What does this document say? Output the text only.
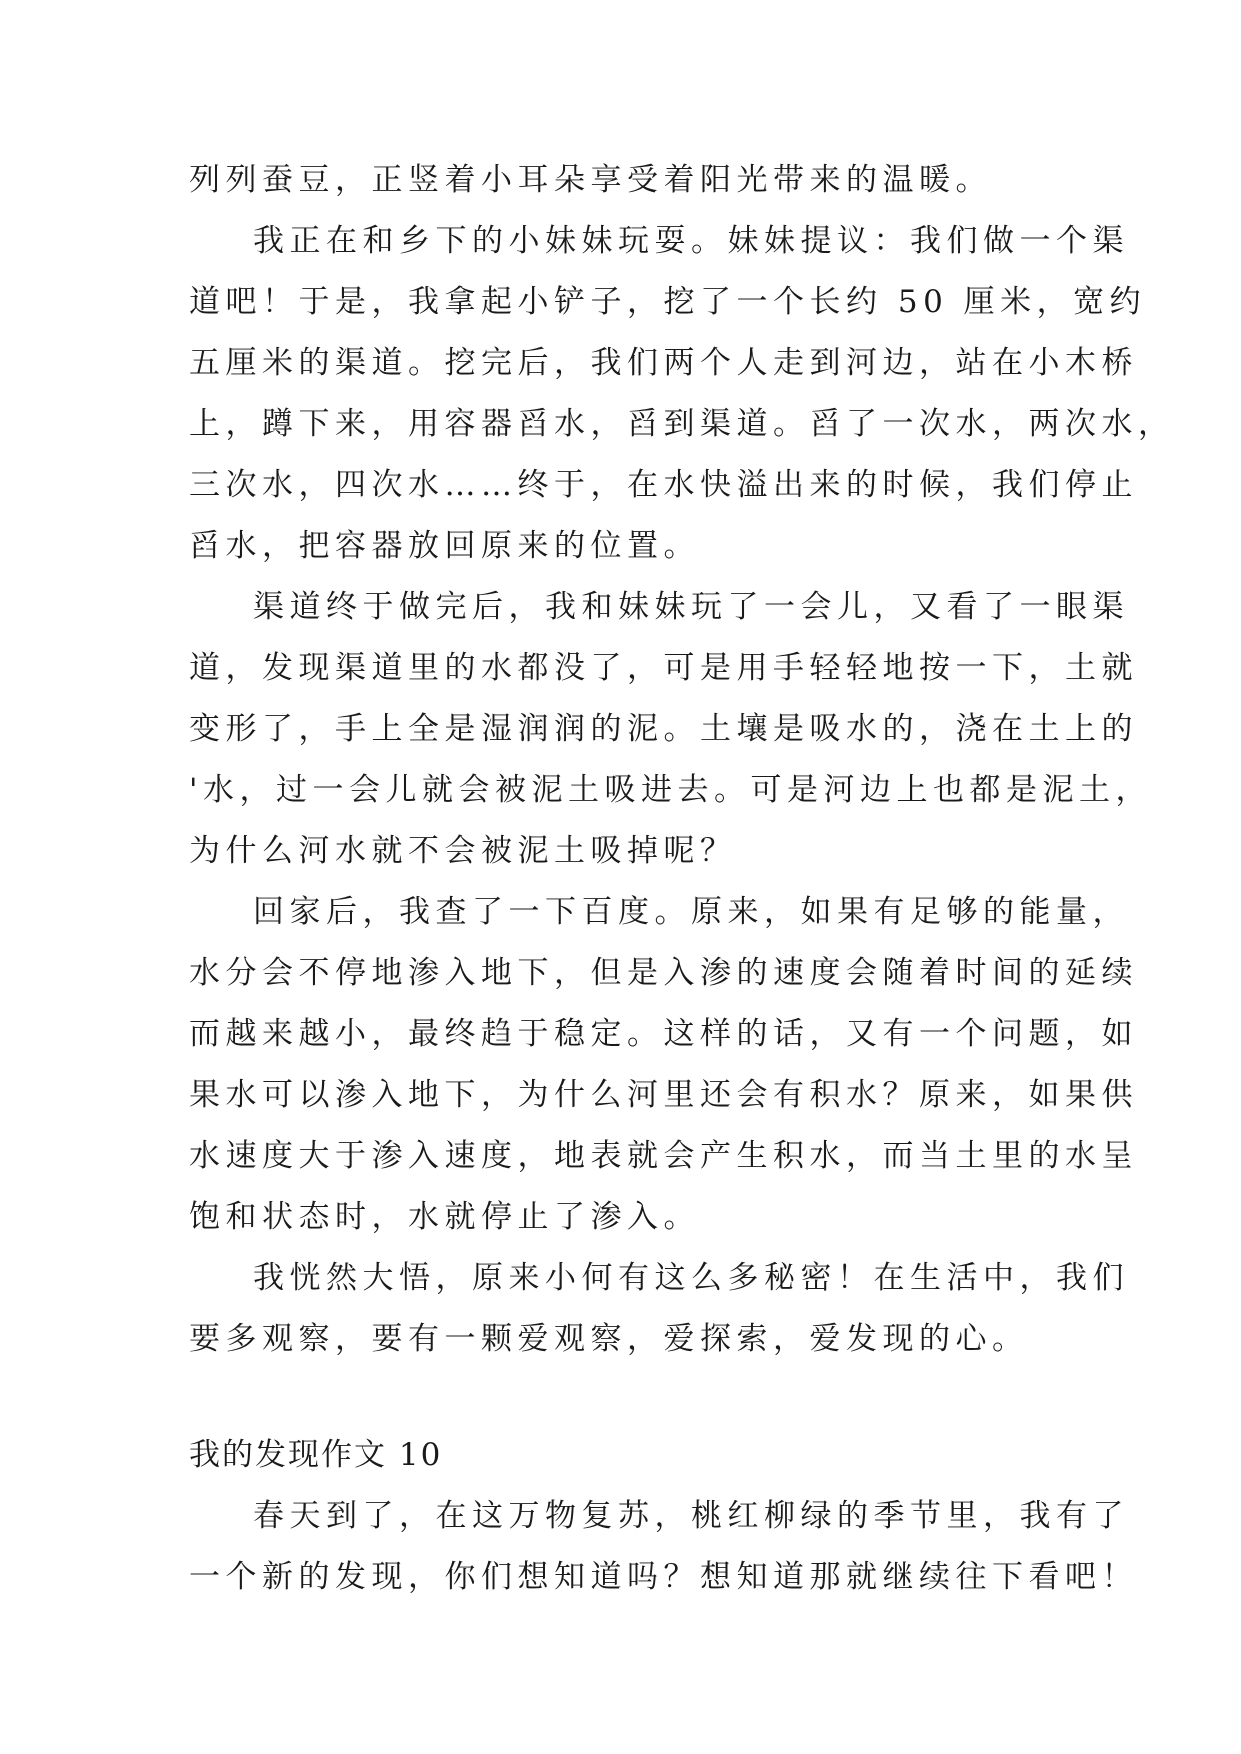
列列蚕豆，正竖着小耳朵享受着阳光带来的温暖。
我正在和乡下的小妹妹玩耍。妹妹提议：我们做一个渠
道吧！于是，我拿起小铲子，挖了一个长约 50 厘米，宽约
五厘米的渠道。挖完后，我们两个人走到河边，站在小木桥
上，蹲下来，用容器舀水，舀到渠道。舀了一次水，两次水，
三次水，四次水……终于，在水快溢出来的时候，我们停止
舀水，把容器放回原来的位置。
渠道终于做完后，我和妹妹玩了一会儿，又看了一眼渠
道，发现渠道里的水都没了，可是用手轻轻地按一下，土就
变形了，手上全是湿润润的泥。土壤是吸水的，浇在土上的
'水，过一会儿就会被泥土吸进去。可是河边上也都是泥土，
为什么河水就不会被泥土吸掉呢？
回家后，我查了一下百度。原来，如果有足够的能量，
水分会不停地渗入地下，但是入渗的速度会随着时间的延续
而越来越小，最终趋于稳定。这样的话，又有一个问题，如
果水可以渗入地下，为什么河里还会有积水？原来，如果供
水速度大于渗入速度，地表就会产生积水，而当土里的水呈
饱和状态时，水就停止了渗入。
我恍然大悟，原来小何有这么多秘密！在生活中，我们
要多观察，要有一颗爱观察，爱探索，爱发现的心。
我的发现作文 10
春天到了，在这万物复苏，桃红柳绿的季节里，我有了
一个新的发现，你们想知道吗？想知道那就继续往下看吧！
